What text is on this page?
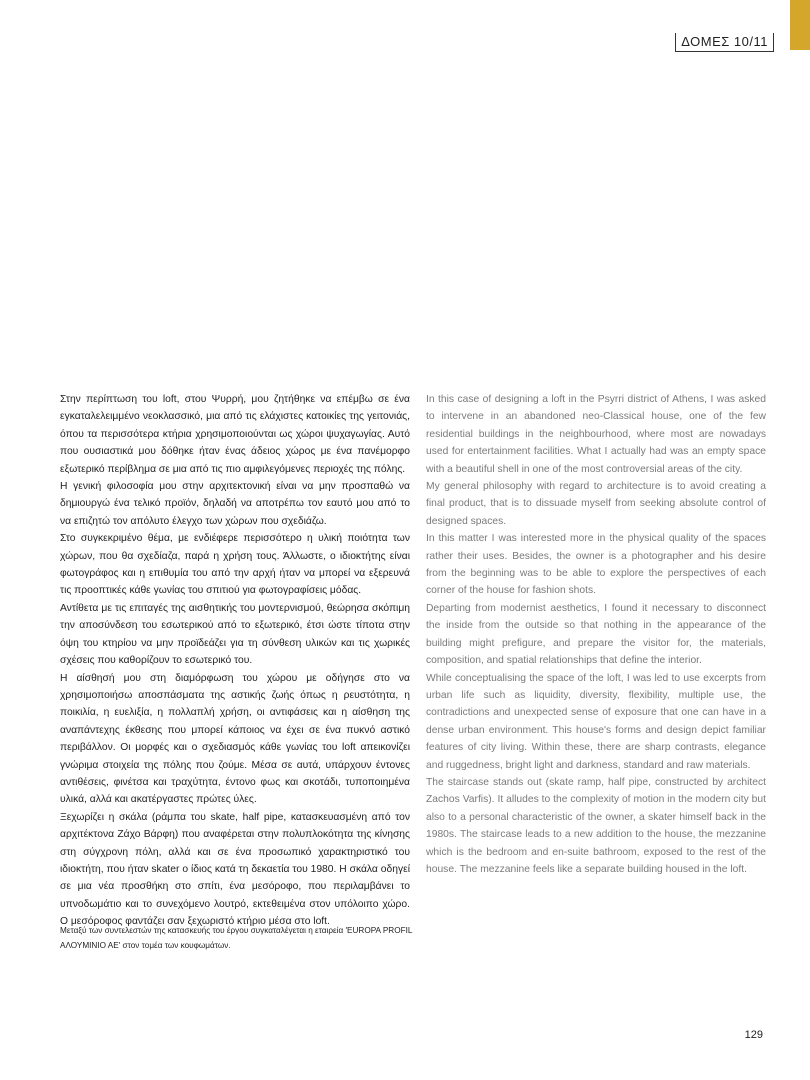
ΔΟΜΕΣ 10/11

Στην περίπτωση του loft, στου Ψυρρή, μου ζητήθηκε να επέμβω σε ένα εγκαταλελειμμένο νεοκλασσικό, μια από τις ελάχιστες κατοικίες της γειτονιάς, όπου τα περισσότερα κτήρια χρησιμοποιούνται ως χώροι ψυχαγωγίας. Αυτό που ουσιαστικά μου δόθηκε ήταν ένας άδειος χώρος με ένα πανέμορφο εξωτερικό περίβλημα σε μια από τις πιο αμφιλεγόμενες περιοχές της πόλης.

Η γενική φιλοσοφία μου στην αρχιτεκτονική είναι να μην προσπαθώ να δημιουργώ ένα τελικό προϊόν, δηλαδή να αποτρέπω τον εαυτό μου από το να επιζητώ τον απόλυτο έλεγχο των χώρων που σχεδιάζω.

Στο συγκεκριμένο θέμα, με ενδιέφερε περισσότερο η υλική ποιότητα των χώρων, που θα σχεδίαζα, παρά η χρήση τους. Άλλωστε, ο ιδιοκτήτης είναι φωτογράφος και η επιθυμία του από την αρχή ήταν να μπορεί να εξερευνά τις προοπτικές κάθε γωνίας του σπιτιού για φωτογραφίσεις μόδας.

Αντίθετα με τις επιταγές της αισθητικής του μοντερνισμού, θεώρησα σκόπιμη την αποσύνδεση του εσωτερικού από το εξωτερικό, έτσι ώστε τίποτα στην όψη του κτηρίου να μην προϊδεάζει για τη σύνθεση υλικών και τις χωρικές σχέσεις που καθορίζουν το εσωτερικό του.

Η αίσθησή μου στη διαμόρφωση του χώρου με οδήγησε στο να χρησιμοποιήσω αποσπάσματα της αστικής ζωής όπως η ρευστότητα, η ποικιλία, η ευελιξία, η πολλαπλή χρήση, οι αντιφάσεις και η αίσθηση της αναπάντεχης έκθεσης που μπορεί κάποιος να έχει σε ένα πυκνό αστικό περιβάλλον. Οι μορφές και ο σχεδιασμός κάθε γωνίας του loft απεικονίζει γνώριμα στοιχεία της πόλης που ζούμε. Μέσα σε αυτά, υπάρχουν έντονες αντιθέσεις, φινέτσα και τραχύτητα, έντονο φως και σκοτάδι, τυποποιημένα υλικά, αλλά και ακατέργαστες πρώτες ύλες.

Ξεχωρίζει η σκάλα (ράμπα του skate, half pipe, κατασκευασμένη από τον αρχιτέκτονα Ζάχο Βάρφη) που αναφέρεται στην πολυπλοκότητα της κίνησης στη σύγχρονη πόλη, αλλά και σε ένα προσωπικό χαρακτηριστικό του ιδιοκτήτη, που ήταν skater ο ίδιος κατά τη δεκαετία του 1980. Η σκάλα οδηγεί σε μια νέα προσθήκη στο σπίτι, ένα μεσόροφο, που περιλαμβάνει το υπνοδωμάτιο και το συνεχόμενο λουτρό, εκτεθειμένα στον υπόλοιπο χώρο. Ο μεσόροφος φαντάζει σαν ξεχωριστό κτήριο μέσα στο loft.

In this case of designing a loft in the Psyrri district of Athens, I was asked to intervene in an abandoned neo-Classical house, one of the few residential buildings in the neighbourhood, where most are nowadays used for entertainment facilities. What I actually had was an empty space with a beautiful shell in one of the most controversial areas of the city.

My general philosophy with regard to architecture is to avoid creating a final product, that is to dissuade myself from seeking absolute control of designed spaces.

In this matter I was interested more in the physical quality of the spaces rather their uses. Besides, the owner is a photographer and his desire from the beginning was to be able to explore the perspectives of each corner of the house for fashion shots.

Departing from modernist aesthetics, I found it necessary to disconnect the inside from the outside so that nothing in the appearance of the building might prefigure, and prepare the visitor for, the materials, composition, and spatial relationships that define the interior.

While conceptualising the space of the loft, I was led to use excerpts from urban life such as liquidity, diversity, flexibility, multiple use, the contradictions and unexpected sense of exposure that one can have in a dense urban environment. This house's forms and design depict familiar features of city living. Within these, there are sharp contrasts, elegance and ruggedness, bright light and darkness, standard and raw materials.

The staircase stands out (skate ramp, half pipe, constructed by architect Zachos Varfis). It alludes to the complexity of motion in the modern city but also to a personal characteristic of the owner, a skater himself back in the 1980s. The staircase leads to a new addition to the house, the mezzanine which is the bedroom and en-suite bathroom, exposed to the rest of the house. The mezzanine feels like a separate building housed in the loft.

Μεταξύ των συντελεστών της κατασκευής του έργου συγκαταλέγεται η εταιρεία 'EUROPA PROFIL ΑΛΟΥΜΙΝΙΟ ΑΕ' στον τομέα των κουφωμάτων.

129
